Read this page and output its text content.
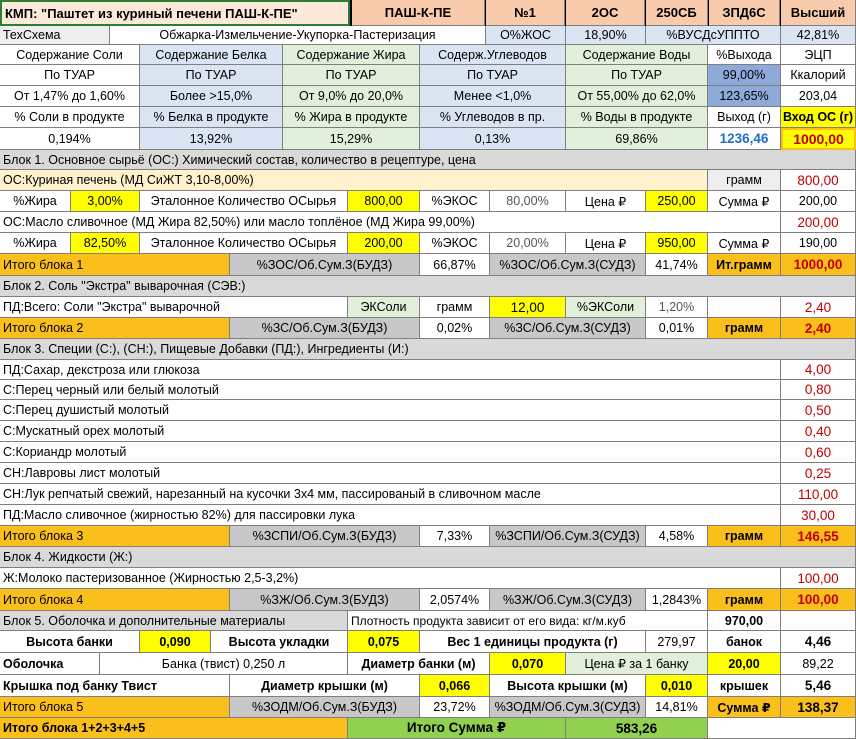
КМП: "Паштет из куриный печени ПАШ-К-ПЕ"	ПАШ-К-ПЕ	№1	2ОС	250СБ	ЗПД6С	Высший
ТехСхема	Обжарка-Измельчение-Укупорка-Пастеризация	О%ЖОС	18,90%	%ВУСДсУППТО	42,81%
Содержание Соли	Содержание Белка	Содержание Жира	Содерж.Углеводов	Содержание Воды	%Выхода	ЭЦП
По ТУАР	По ТУАР	По ТУАР	По ТУАР	По ТУАР	99,00%	Ккалорий
От 1,47% до 1,60%	Более >15,0%	От 9,0% до 20,0%	Менее <1,0%	От 55,00% до 62,0%	123,65%	203,04
% Соли в продукте	% Белка в продукте	% Жира в продукте	% Углеводов в пр.	% Воды в продукте	Выход (г) Вход ОС (г)
0,194%	13,92%	15,29%	0,13%	69,86%	1236,46	1000,00
Блок 1. Основное сырьё (ОС:) Химический состав, количество в рецептуре, цена
ОС:Куриная печень (МД СиЖТ 3,10-8,00%)	грамм	800,00
%Жира	3,00%	Эталонное Количество ОСырья	800,00	%ЭКОС	80,00%	Цена ₽	250,00	Сумма ₽	200,00
ОС:Масло сливочное (МД Жира 82,50%) или масло топлёное (МД Жира 99,00%)	200,00
%Жира	82,50%	Эталонное Количество ОСырья	200,00	%ЭКОС	20,00%	Цена ₽	950,00	Сумма ₽	190,00
Итого блока 1	%ЗОС/Об.Сум.З(БУДЗ)	66,87%	%ЗОС/Об.Сум.З(СУДЗ)	41,74%	Ит.грамм	1000,00
Блок 2. Соль "Экстра" выварочная (СЭВ:)
ПД:Всего: Соли "Экстра" выварочной	ЭКСоли	грамм	12,00	%ЭКСоли	1,20%	2,40
Итого блока 2	%ЗС/Об.Сум.З(БУДЗ)	0,02%	%ЗС/Об.Сум.З(СУДЗ)	0,01%	грамм	2,40
Блок 3. Специи (С:), (СН:), Пищевые Добавки (ПД:), Ингредиенты (И:)
ПД:Сахар, декстроза или глюкоза	4,00
С:Перец черный или белый молотый	0,80
С:Перец душистый молотый	0,50
С:Мускатный орех молотый	0,40
С:Кориандр молотый	0,60
СН:Лавровы лист молотый	0,25
СН:Лук репчатый свежий, нарезанный на кусочки 3х4 мм, пассированый в сливочном масле	110,00
ПД:Масло сливочное (жирностью 82%) для пассировки лука	30,00
Итого блока 3	%ЗСПИ/Об.Сум.З(БУДЗ)	7,33%	%ЗСПИ/Об.Сум.З(СУДЗ)	4,58%	грамм	146,55
Блок 4. Жидкости (Ж:)
Ж:Молоко пастеризованное (Жирностью 2,5-3,2%)	100,00
Итого блока 4	%ЗЖ/Об.Сум.З(БУДЗ)	2,0574%	%ЗЖ/Об.Сум.З(СУДЗ)	1,2843%	грамм	100,00
Блок 5. Оболочка и дополнительные материалы	Плотность продукта зависит от его вида: кг/м.куб	970,00
Высота банки	0,090	Высота укладки	0,075	Вес 1 единицы продукта (г)	279,97	банок	4,46
Оболочка	Банка (твист) 0,250 л	Диаметр банки (м)	0,070	Цена ₽ за 1 банку	20,00	89,22
Крышка под банку Твист	Диаметр крышки (м)	0,066	Высота крышки (м)	0,010	крышек	5,46
Итого блока 5	%ЗОДМ/Об.Сум.З(БУДЗ)	23,72%	%ЗОДМ/Об.Сум.З(СУДЗ)	14,81%	Сумма ₽	138,37
Итого блока 1+2+3+4+5	Итого Сумма ₽	583,26
